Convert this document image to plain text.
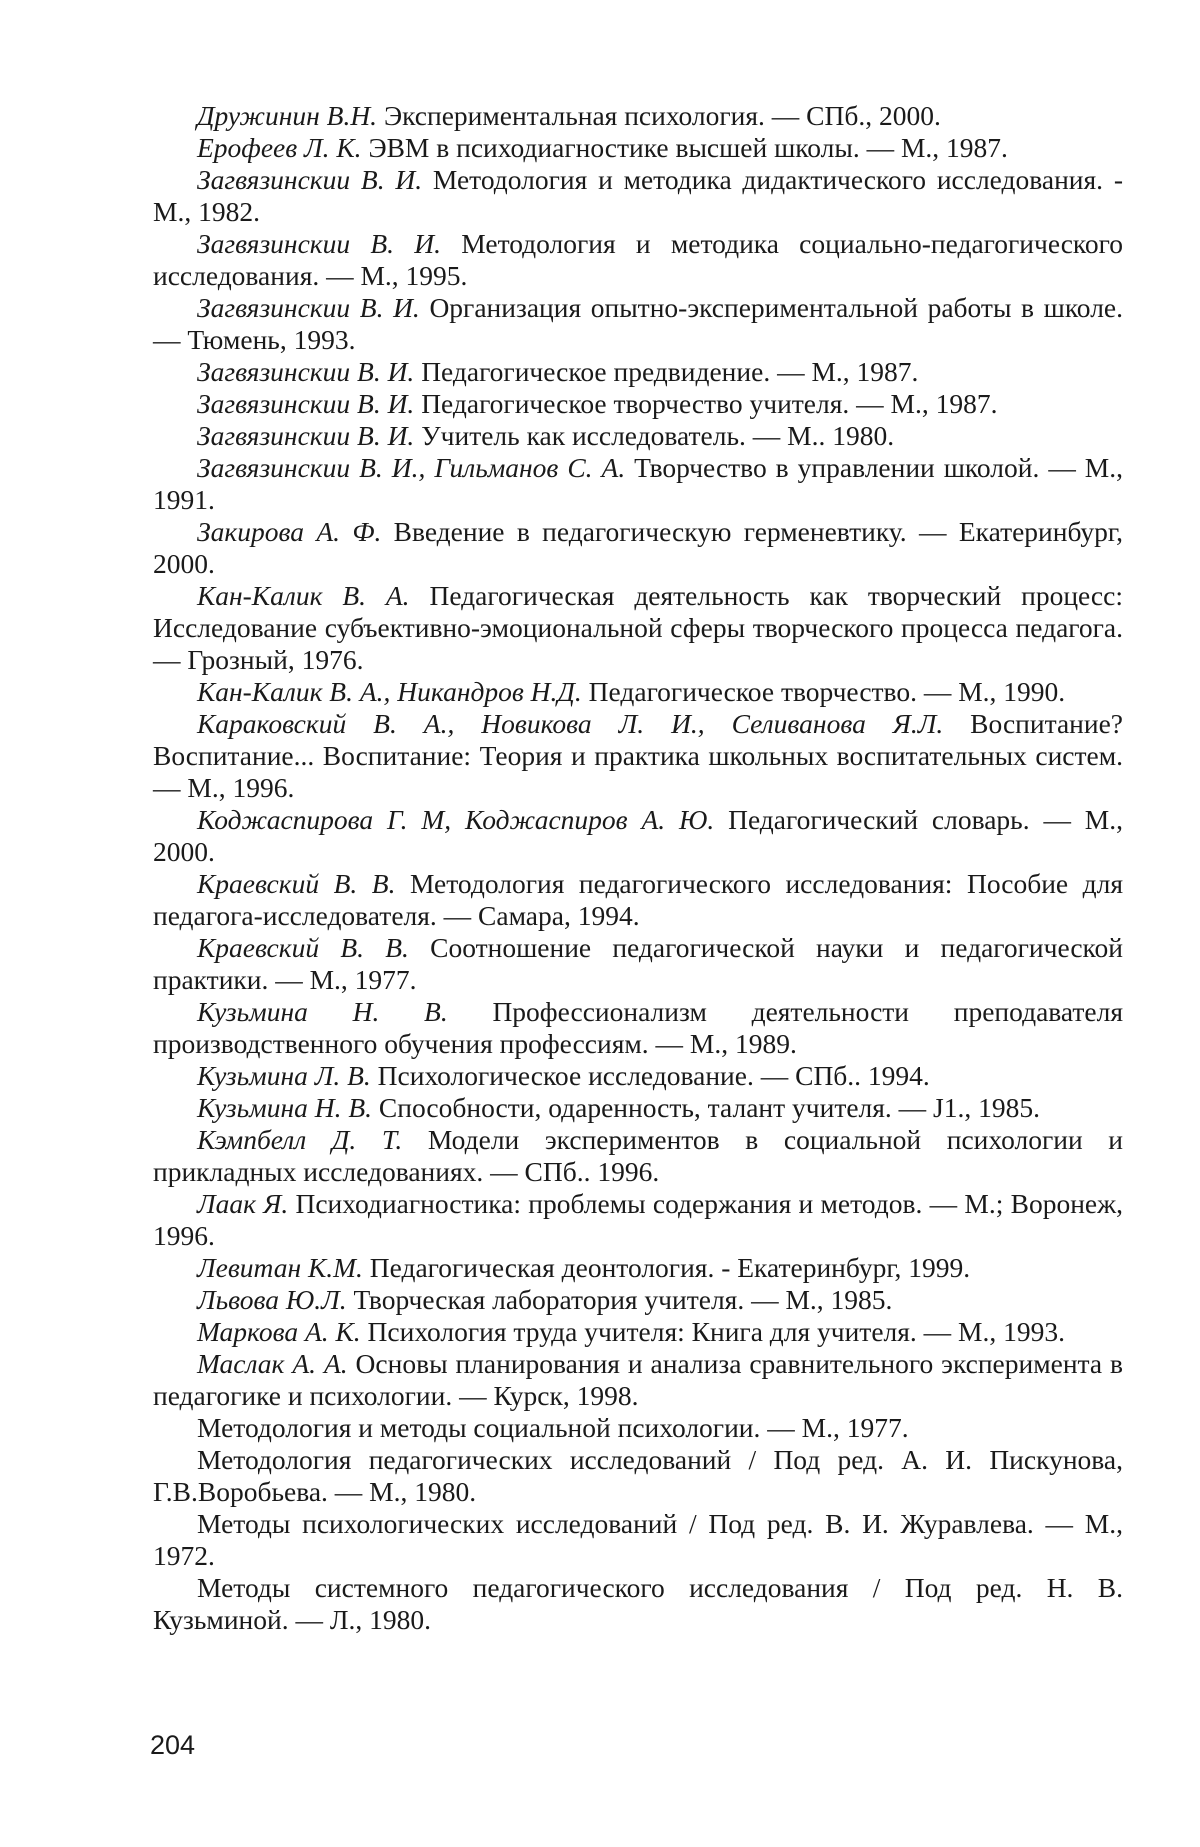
Дружинин В.Н. Экспериментальная психология. — СПб., 2000.

Ерофеев Л. К. ЭВМ в психодиагностике высшей школы. — М., 1987.

Загвязинскии В. И. Методология и методика дидактического исследования. - М., 1982.

Загвязинскии В. И. Методология и методика социально-педагогического исследования. — М., 1995.

Загвязинскии В. И. Организация опытно-экспериментальной работы в школе. — Тюмень, 1993.

Загвязинскии В. И. Педагогическое предвидение. — М., 1987.

Загвязинскии В. И. Педагогическое творчество учителя. — М., 1987.

Загвязинскии В. И. Учитель как исследователь. — М.. 1980.

Загвязинскии В. И., Гильманов С. А. Творчество в управлении школой. — М., 1991.

Закирова А. Ф. Введение в педагогическую герменевтику. — Екатеринбург, 2000.

Кан-Калик В. А. Педагогическая деятельность как творческий процесс: Исследование субъективно-эмоциональной сферы творческого процесса педагога. — Грозный, 1976.

Кан-Калик В. А., Никандров Н.Д. Педагогическое творчество. — М., 1990.

Караковский В. А., Новикова Л. И., Селиванова Я.Л. Воспитание? Воспитание... Воспитание: Теория и практика школьных воспитательных систем. — М., 1996.

Коджаспирова Г. М, Коджаспиров А. Ю. Педагогический словарь. — М., 2000.

Краевский В. В. Методология педагогического исследования: Пособие для педагога-исследователя. — Самара, 1994.

Краевский В. В. Соотношение педагогической науки и педагогической практики. — М., 1977.

Кузьмина Н. В. Профессионализм деятельности преподавателя производственного обучения профессиям. — М., 1989.

Кузьмина Л. В. Психологическое исследование. — СПб.. 1994.

Кузьмина Н. В. Способности, одаренность, талант учителя. — J1., 1985.

Кэмпбелл Д. Т. Модели экспериментов в социальной психологии и прикладных исследованиях. — СПб.. 1996.

Лаак Я. Психодиагностика: проблемы содержания и методов. — М.; Воронеж, 1996.

Левитан К.М. Педагогическая деонтология. - Екатеринбург, 1999.

Львова Ю.Л. Творческая лаборатория учителя. — М., 1985.

Маркова А. К. Психология труда учителя: Книга для учителя. — М., 1993.

Маслак А. А. Основы планирования и анализа сравнительного эксперимента в педагогике и психологии. — Курск, 1998.

Методология и методы социальной психологии. — М., 1977.

Методология педагогических исследований / Под ред. А. И. Пискунова, Г.В.Воробьева. — М., 1980.

Методы психологических исследований / Под ред. В. И. Журавлева. — М., 1972.

Методы системного педагогического исследования / Под ред. Н. В. Кузьминой. — Л., 1980.

204
